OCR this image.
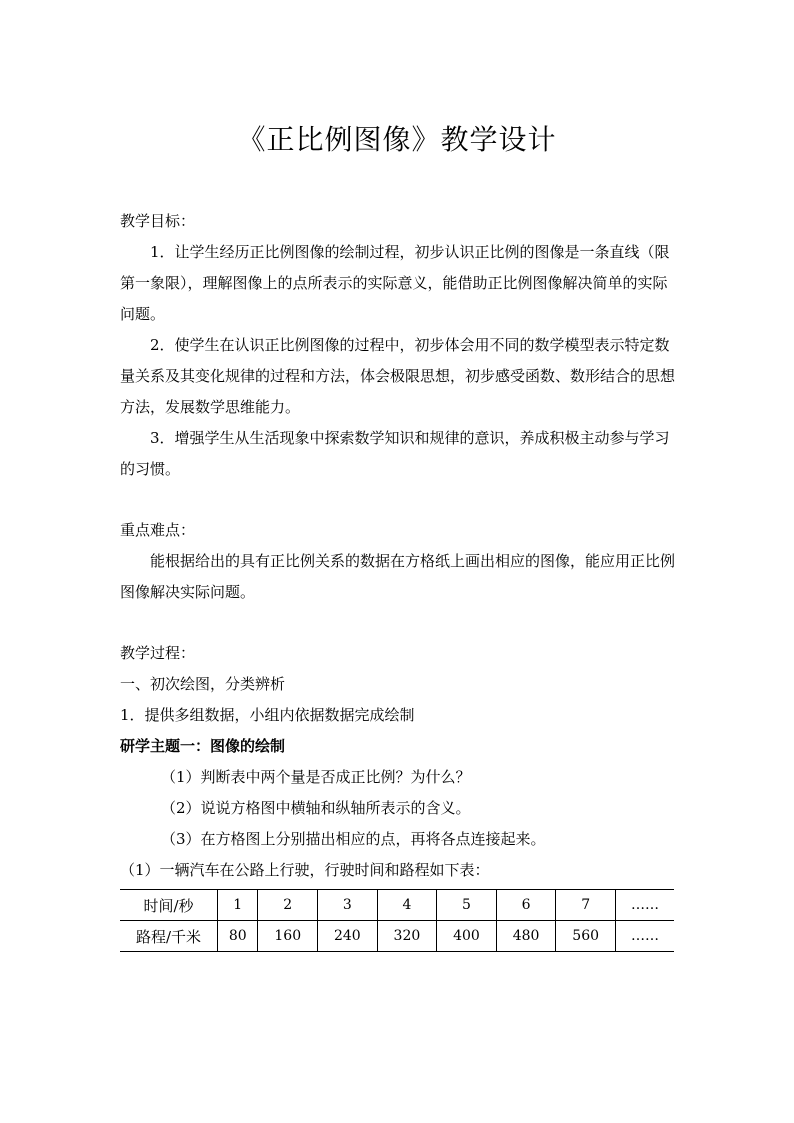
《正比例图像》教学设计

教学目标：

1．让学生经历正比例图像的绘制过程，初步认识正比例的图像是一条直线（限第一象限），理解图像上的点所表示的实际意义，能借助正比例图像解决简单的实际问题。

2．使学生在认识正比例图像的过程中，初步体会用不同的数学模型表示特定数量关系及其变化规律的过程和方法，体会极限思想，初步感受函数、数形结合的思想方法，发展数学思维能力。

3．增强学生从生活现象中探索数学知识和规律的意识，养成积极主动参与学习的习惯。

重点难点：

能根据给出的具有正比例关系的数据在方格纸上画出相应的图像，能应用正比例图像解决实际问题。

教学过程：

一、初次绘图，分类辨析

1．提供多组数据，小组内依据数据完成绘制

研学主题一：图像的绘制

（1）判断表中两个量是否成正比例？为什么？

（2）说说方格图中横轴和纵轴所表示的含义。

（3）在方格图上分别描出相应的点，再将各点连接起来。

（1）一辆汽车在公路上行驶，行驶时间和路程如下表：

时间/秒	1	2	3	4	5	6	7	……
路程/千米	80	160	240	320	400	480	560	……
